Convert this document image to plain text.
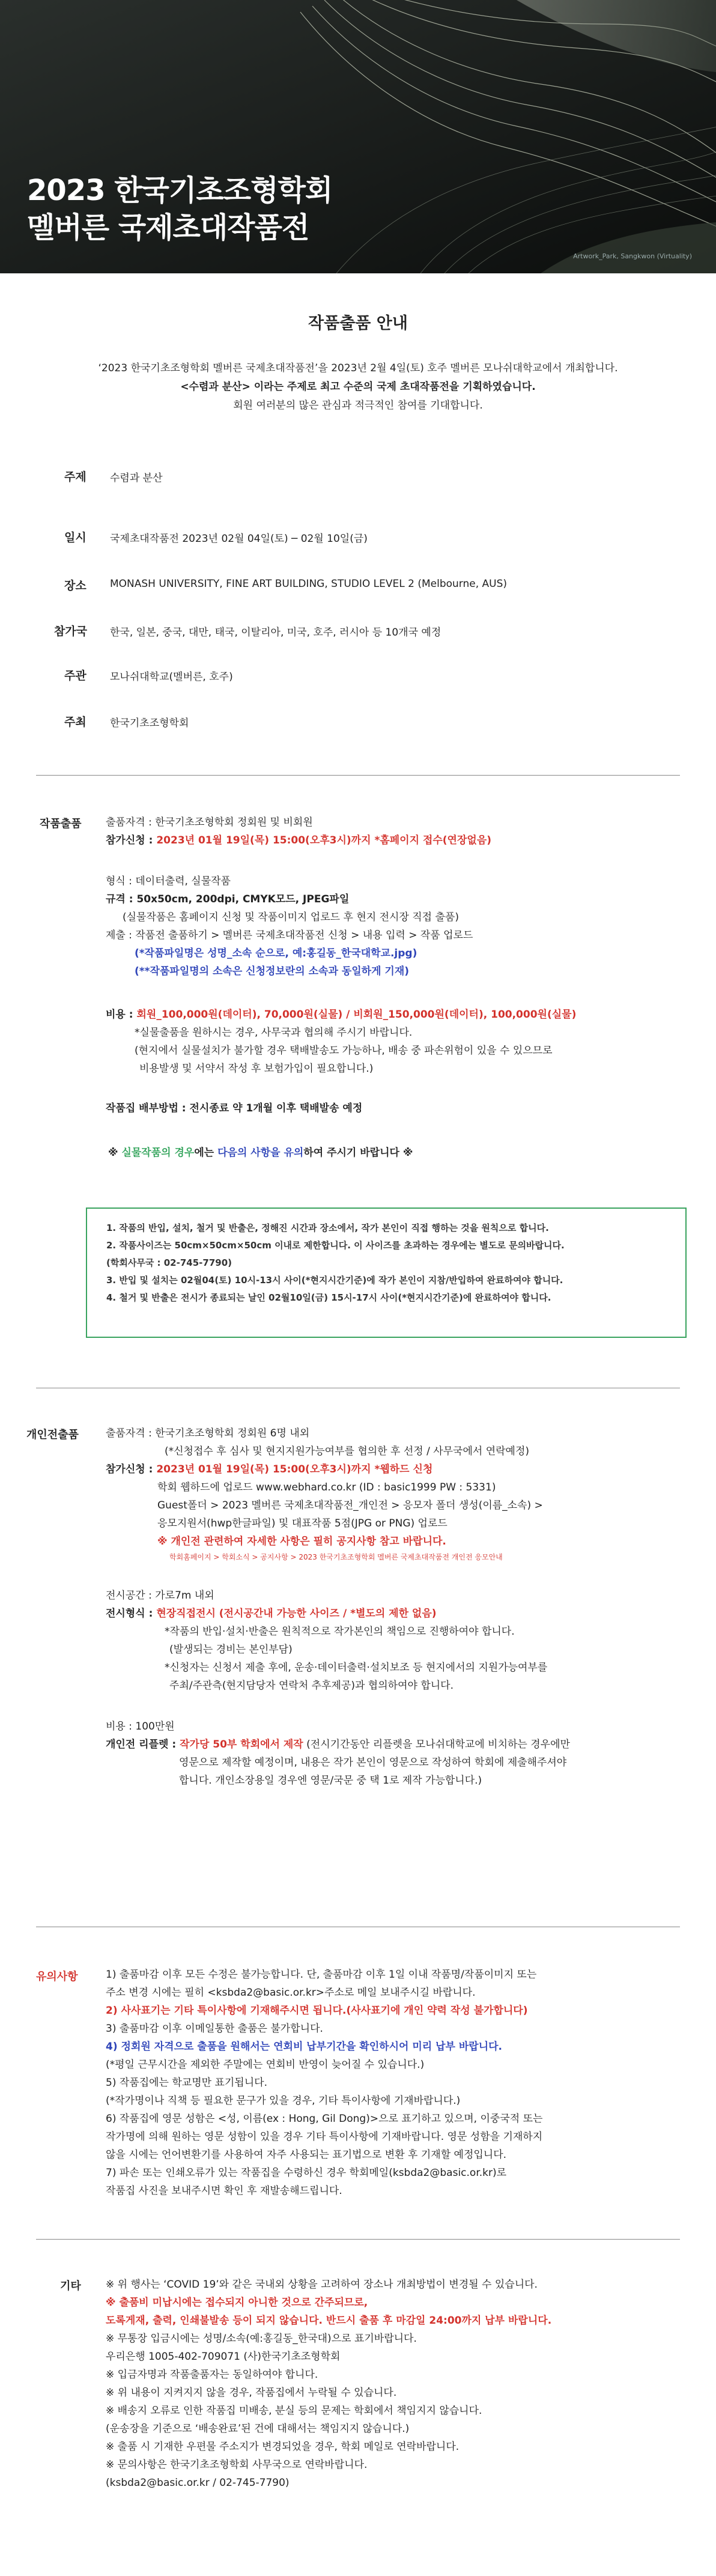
2023 한국기초조형학회
멜버른 국제초대작품전
Artwork_Park, Sangkwon (Virtuality)
작품출품 안내
‘2023 한국기초조형학회 멜버른 국제초대작품전’을 2023년 2월 4일(토) 호주 멜버른 모나쉬대학교에서 개최합니다.
<수렴과 분산> 이라는 주제로 최고 수준의 국제 초대작품전을 기획하였습니다.
회원 여러분의 많은 관심과 적극적인 참여를 기대합니다.
주제 수렴과 분산
일시 국제초대작품전 2023년 02월 04일(토) ─ 02월 10일(금)
장소 MONASH UNIVERSITY, FINE ART BUILDING, STUDIO LEVEL 2 (Melbourne, AUS)
참가국 한국, 일본, 중국, 대만, 태국, 이탈리아, 미국, 호주, 러시아 등 10개국 예정
주관 모나쉬대학교(멜버른, 호주)
주최 한국기초조형학회
작품출품 출품자격 : 한국기초조형학회 정회원 및 비회원
참가신청 : 2023년 01월 19일(목) 15:00(오후3시)까지 *홈페이지 접수(연장없음)
형식 : 데이터출력, 실물작품
규격 : 50x50cm, 200dpi, CMYK모드, JPEG파일
(실물작품은 홈페이지 신청 및 작품이미지 업로드 후 현지 전시장 직접 출품)
제출 : 작품전 출품하기 > 멜버른 국제초대작품전 신청 > 내용 입력 > 작품 업로드
(*작품파일명은 성명_소속 순으로, 예:홍길동_한국대학교.jpg)
(**작품파일명의 소속은 신청정보란의 소속과 동일하게 기재)
비용 : 회원_100,000원(데이터), 70,000원(실물) / 비회원_150,000원(데이터), 100,000원(실물)
*실물출품을 원하시는 경우, 사무국과 협의해 주시기 바랍니다.
(현지에서 실물설치가 불가할 경우 택배발송도 가능하나, 배송 중 파손위험이 있을 수 있으므로
비용발생 및 서약서 작성 후 보험가입이 필요합니다.)
작품집 배부방법 : 전시종료 약 1개월 이후 택배발송 예정
※ 실물작품의 경우에는 다음의 사항을 유의하여 주시기 바랍니다 ※
1. 작품의 반입, 설치, 철거 및 반출은, 정해진 시간과 장소에서, 작가 본인이 직접 행하는 것을 원칙으로 합니다.
2. 작품사이즈는 50cm×50cm×50cm 이내로 제한합니다. 이 사이즈를 초과하는 경우에는 별도로 문의바랍니다.
(학회사무국 : 02-745-7790)
3. 반입 및 설치는 02월04(토) 10시-13시 사이(*현지시간기준)에 작가 본인이 지참/반입하여 완료하여야 합니다.
4. 철거 및 반출은 전시가 종료되는 날인 02월10일(금) 15시-17시 사이(*현지시간기준)에 완료하여야 합니다.
개인전출품	출품자격 : 한국기초조형학회 정회원 6명 내외
(*신청접수 후 심사 및 현지지원가능여부를 협의한 후 선정 / 사무국에서 연락예정)
참가신청 : 2023년 01월 19일(목) 15:00(오후3시)까지 *웹하드 신청
학회 웹하드에 업로드 www.webhard.co.kr (ID : basic1999 PW : 5331)
Guest폴더 > 2023 멜버른 국제초대작품전_개인전 > 응모자 폴더 생성(이름_소속) >
응모지원서(hwp한글파일) 및 대표작품 5점(JPG or PNG) 업로드
※ 개인전 관련하여 자세한 사항은 필히 공지사항 참고 바랍니다.
학회홈페이지 > 학회소식 > 공지사항 > 2023 한국기초조형학회 멜버른 국제초대작품전 개인전 응모안내
전시공간 : 가로7m 내외
전시형식 : 현장직접전시 (전시공간내 가능한 사이즈 / *별도의 제한 없음)
*작품의 반입·설치·반출은 원칙적으로 작가본인의 책임으로 진행하여야 합니다.
(발생되는 경비는 본인부담)
*신청자는 신청서 제출 후에, 운송·데이터출력·설치보조 등 현지에서의 지원가능여부를
주최/주관측(현지담당자 연락처 추후제공)과 협의하여야 합니다.
비용 : 100만원
개인전 리플렛 : 작가당 50부 학회에서 제작 (전시기간동안 리플렛을 모나쉬대학교에 비치하는 경우에만
영문으로 제작할 예정이며, 내용은 작가 본인이 영문으로 작성하여 학회에 제출해주셔야
합니다. 개인소장용일 경우엔 영문/국문 중 택 1로 제작 가능합니다.)
유의사항	1) 출품마감 이후 모든 수정은 불가능합니다. 단, 출품마감 이후 1일 이내 작품명/작품이미지 또는
주소 변경 시에는 필히 <ksbda2@basic.or.kr>주소로 메일 보내주시길 바랍니다.
2) 사사표기는 기타 특이사항에 기재해주시면 됩니다.(사사표기에 개인 약력 작성 불가합니다)
3) 출품마감 이후 이메일통한 출품은 불가합니다.
4) 정회원 자격으로 출품을 원해서는 연회비 납부기간을 확인하시어 미리 납부 바랍니다.
(*평일 근무시간을 제외한 주말에는 연회비 반영이 늦어질 수 있습니다.)
5) 작품집에는 학교명만 표기됩니다.
(*작가명이나 직책 등 필요한 문구가 있을 경우, 기타 특이사항에 기재바랍니다.)
6) 작품집에 영문 성함은 <성, 이름(ex : Hong, Gil Dong)>으로 표기하고 있으며, 이중국적 또는
작가명에 의해 원하는 영문 성함이 있을 경우 기타 특이사항에 기재바랍니다. 영문 성함을 기재하지
않을 시에는 언어변환기를 사용하여 자주 사용되는 표기법으로 변환 후 기재할 예정입니다.
7) 파손 또는 인쇄오류가 있는 작품집을 수령하신 경우 학회메일(ksbda2@basic.or.kr)로
작품집 사진을 보내주시면 확인 후 재발송해드립니다.
기타 ※ 위 행사는 ‘COVID 19’와 같은 국내외 상황을 고려하여 장소나 개최방법이 변경될 수 있습니다.
※ 출품비 미납시에는 접수되지 아니한 것으로 간주되므로,
도록게재, 출력, 인쇄불발송 등이 되지 않습니다. 반드시 출품 후 마감일 24:00까지 납부 바랍니다.
※ 무통장 입금시에는 성명/소속(예:홍길동_한국대)으로 표기바랍니다.
우리은행 1005-402-709071 (사)한국기초조형학회
※ 입금자명과 작품출품자는 동일하여야 합니다.
※ 위 내용이 지켜지지 않을 경우, 작품집에서 누락될 수 있습니다.
※ 배송지 오류로 인한 작품집 미배송, 분실 등의 문제는 학회에서 책임지지 않습니다.
(운송장을 기준으로 ‘배송완료’된 건에 대해서는 책임지지 않습니다.)
※ 출품 시 기재한 우편물 주소지가 변경되었을 경우, 학회 메일로 연락바랍니다.
※ 문의사항은 한국기초조형학회 사무국으로 연락바랍니다.
(ksbda2@basic.or.kr / 02-745-7790)
